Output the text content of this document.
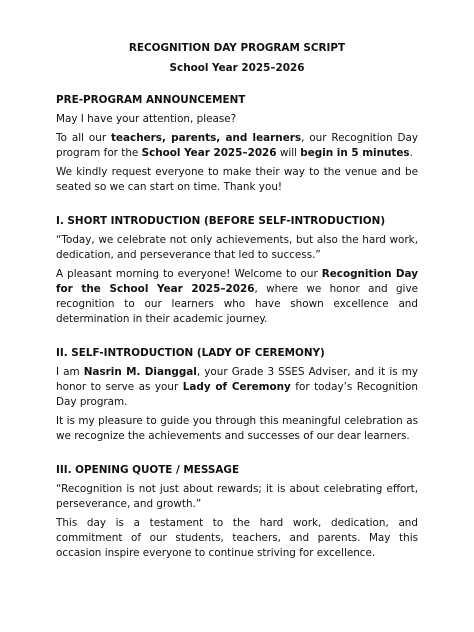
RECOGNITION DAY PROGRAM SCRIPT

School Year 2025–2026

PRE-PROGRAM ANNOUNCEMENT

May I have your attention, please?

To all our teachers, parents, and learners, our Recognition Day program for the School Year 2025–2026 will begin in 5 minutes.

We kindly request everyone to make their way to the venue and be seated so we can start on time. Thank you!

I. SHORT INTRODUCTION (BEFORE SELF-INTRODUCTION)

“Today, we celebrate not only achievements, but also the hard work, dedication, and perseverance that led to success.”

A pleasant morning to everyone! Welcome to our Recognition Day for the School Year 2025–2026, where we honor and give recognition to our learners who have shown excellence and determination in their academic journey.

II. SELF-INTRODUCTION (LADY OF CEREMONY)

I am Nasrin M. Dianggal, your Grade 3 SSES Adviser, and it is my honor to serve as your Lady of Ceremony for today’s Recognition Day program.

It is my pleasure to guide you through this meaningful celebration as we recognize the achievements and successes of our dear learners.

III. OPENING QUOTE / MESSAGE

“Recognition is not just about rewards; it is about celebrating effort, perseverance, and growth.”

This day is a testament to the hard work, dedication, and commitment of our students, teachers, and parents. May this occasion inspire everyone to continue striving for excellence.
